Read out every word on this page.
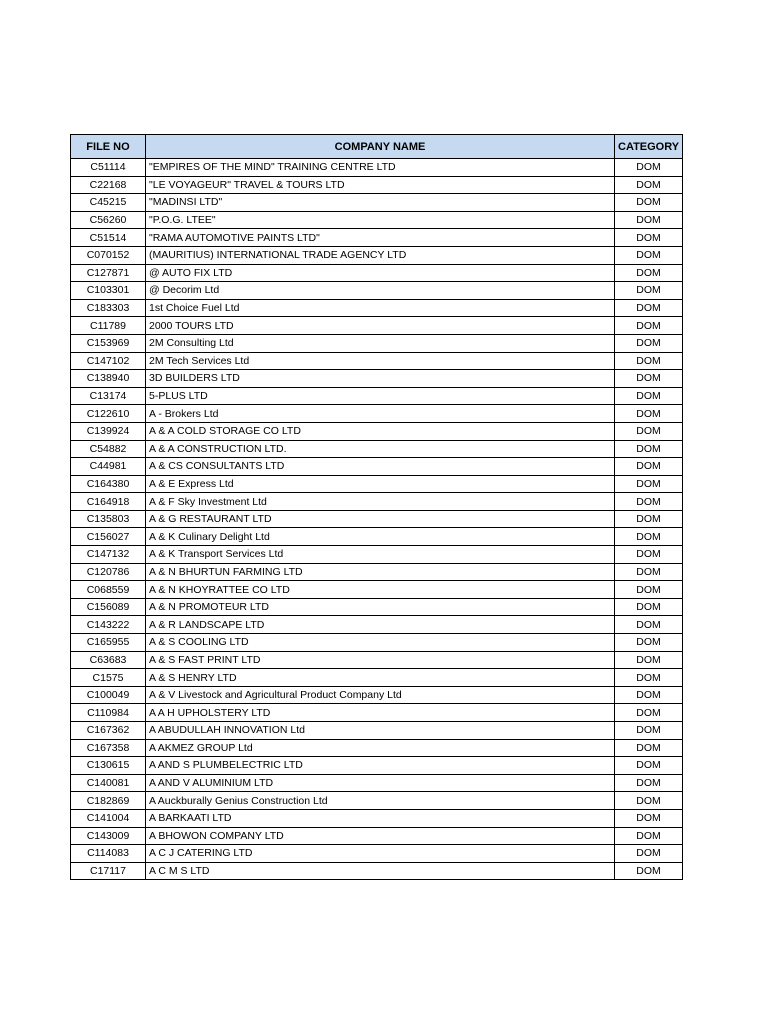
FILE NO	COMPANY NAME	CATEGORY
C51114	"EMPIRES OF THE MIND" TRAINING CENTRE LTD	DOM
C22168	"LE VOYAGEUR" TRAVEL & TOURS LTD	DOM
C45215	"MADINSI LTD"	DOM
C56260	"P.O.G. LTEE"	DOM
C51514	"RAMA AUTOMOTIVE PAINTS LTD"	DOM
C070152	(MAURITIUS) INTERNATIONAL TRADE AGENCY LTD	DOM
C127871	@ AUTO FIX LTD	DOM
C103301	@ Decorim Ltd	DOM
C183303	1st Choice Fuel Ltd	DOM
C11789	2000 TOURS LTD	DOM
C153969	2M Consulting Ltd	DOM
C147102	2M Tech Services Ltd	DOM
C138940	3D BUILDERS LTD	DOM
C13174	5-PLUS LTD	DOM
C122610	A - Brokers Ltd	DOM
C139924	A & A COLD STORAGE CO LTD	DOM
C54882	A & A CONSTRUCTION LTD.	DOM
C44981	A & CS CONSULTANTS LTD	DOM
C164380	A & E Express Ltd	DOM
C164918	A & F Sky Investment Ltd	DOM
C135803	A & G RESTAURANT LTD	DOM
C156027	A & K Culinary Delight Ltd	DOM
C147132	A & K Transport Services Ltd	DOM
C120786	A & N BHURTUN FARMING LTD	DOM
C068559	A & N KHOYRATTEE CO LTD	DOM
C156089	A & N PROMOTEUR LTD	DOM
C143222	A & R LANDSCAPE LTD	DOM
C165955	A & S COOLING LTD	DOM
C63683	A & S FAST PRINT LTD	DOM
C1575	A & S HENRY LTD	DOM
C100049	A & V Livestock and Agricultural Product Company Ltd	DOM
C110984	A A H UPHOLSTERY LTD	DOM
C167362	A ABUDULLAH INNOVATION Ltd	DOM
C167358	A AKMEZ GROUP Ltd	DOM
C130615	A AND S PLUMBELECTRIC LTD	DOM
C140081	A AND V ALUMINIUM LTD	DOM
C182869	A Auckburally Genius Construction Ltd	DOM
C141004	A BARKAATI LTD	DOM
C143009	A BHOWON COMPANY LTD	DOM
C114083	A C J CATERING LTD	DOM
C17117	A C M S LTD	DOM
